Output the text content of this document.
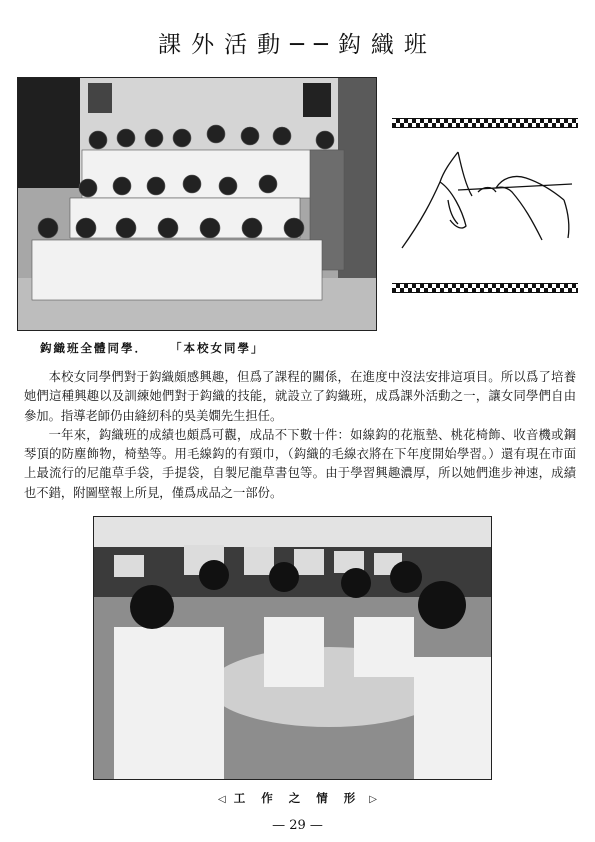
課外活動──鈎織班
鈎織班全體同學． 「本校女同學」

本校女同學們對于鈎織頗感興趣，但爲了課程的關係，在進度中沒法安排這項目。所以爲了培養她們這種興趣以及訓練她們對于鈎織的技能，就設立了鈎織班，成爲課外活動之一，讓女同學們自由參加。指導老師仍由縫紉科的吳美嫺先生担任。

一年來，鈎織班的成績也頗爲可觀，成品不下數十件：如線鈎的花瓶墊、桃花椅飾、收音機或鋼琴頂的防塵飾物，椅墊等。用毛線鈎的有頸巾，（鈎織的毛線衣將在下年度開始學習。）還有現在市面上最流行的尼龍草手袋，手提袋，自製尼龍草書包等。由于學習興趣濃厚，所以她們進步神速，成績也不錯，附圖壁報上所見，僅爲成品之一部份。

◁ 工 作 之 情 形 ▷
— 29 —
